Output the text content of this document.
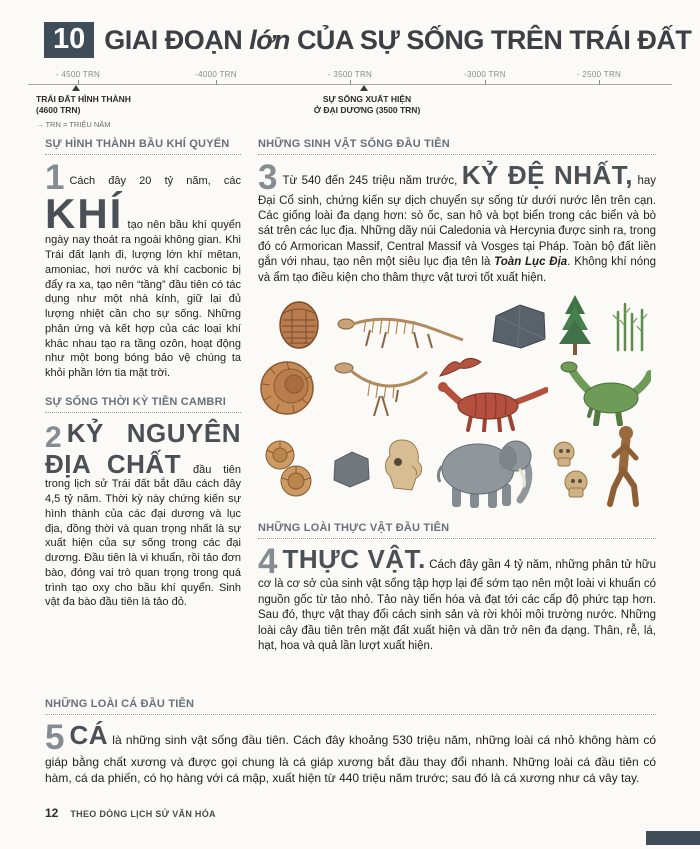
10 GIAI ĐOẠN lớn CỦA SỰ SỐNG TRÊN TRÁI ĐẤT
- 4500 TRN	-4000 TRN	- 3500 TRN	-3000 TRN	- 2500 TRN
TRÁI ĐẤT HÌNH THÀNH
(4600 TRN)
→ TRN = TRIỆU NĂM
SỰ SỐNG XUẤT HIỆN
Ở ĐẠI DƯƠNG (3500 TRN)
SỰ HÌNH THÀNH BẦU KHÍ QUYỂN

1 Cách đây 20 tỷ năm, các KHÍ tạo nên bầu khí quyển ngày nay thoát ra ngoài không gian. Khi Trái đất lạnh đi, lượng lớn khí mêtan, amoniac, hơi nước và khí cacbonic bị đẩy ra xa, tạo nên “tầng” đầu tiên có tác dụng như một nhà kính, giữ lại đủ lượng nhiệt cần cho sự sống. Những phản ứng và kết hợp của các loại khí khác nhau tạo ra tầng ozôn, hoạt động như một bong bóng bảo vệ chúng ta khỏi phần lớn tia mặt trời.

SỰ SỐNG THỜI KỲ TIỀN CAMBRI

2 KỶ NGUYÊN ĐỊA CHẤT đầu tiên trong lịch sử Trái đất bắt đầu cách đây 4,5 tỷ năm. Thời kỳ này chứng kiến sự hình thành của các đại dương và lục địa, đồng thời và quan trọng nhất là sự xuất hiện của sự sống trong các đại dương. Đầu tiên là vi khuẩn, rồi tảo đơn bào, đóng vai trò quan trọng trong quá trình tạo oxy cho bầu khí quyển. Sinh vật đa bào đầu tiên là tảo đỏ.

NHỮNG SINH VẬT SỐNG ĐẦU TIÊN

3 Từ 540 đến 245 triệu năm trước, KỶ ĐỆ NHẤT, hay Đại Cổ sinh, chứng kiến sự dịch chuyển sự sống từ dưới nước lên trên cạn. Các giống loài đa dạng hơn: sò ốc, san hô và bọt biển trong các biển và bò sát trên các lục địa. Những dãy núi Caledonia và Hercynia được sinh ra, trong đó có Armorican Massif, Central Massif và Vosges tại Pháp. Toàn bộ đất liền gắn với nhau, tạo nên một siêu lục địa tên là Toàn Lục Địa. Không khí nóng và ẩm tạo điều kiện cho thâm thực vật tươi tốt xuất hiện.

NHỮNG LOÀI THỰC VẬT ĐẦU TIÊN

4 THỰC VẬT. Cách đây gần 4 tỷ năm, những phân tử hữu cơ là cơ sở của sinh vật sống tập hợp lại để sớm tạo nên một loài vi khuẩn có nguồn gốc từ tảo nhỏ. Tảo này tiến hóa và đạt tới các cấp độ phức tạp hơn. Sau đó, thực vật thay đổi cách sinh sản và rời khỏi môi trường nước. Những loài cây đầu tiên trên mặt đất xuất hiện và dần trở nên đa dạng. Thân, rễ, lá, hạt, hoa và quả lần lượt xuất hiện.

NHỮNG LOÀI CÁ ĐẦU TIÊN

5 CÁ là những sinh vật sống đầu tiên. Cách đây khoảng 530 triệu năm, những loài cá nhỏ không hàm có giáp bằng chất xương và được gọi chung là cá giáp xương bắt đầu thay đổi nhanh. Những loài cá đầu tiên có hàm, cá da phiến, có họ hàng với cá mập, xuất hiện từ 440 triệu năm trước; sau đó là cá xương như cá vây tay.

12 THEO DÒNG LỊCH SỬ VĂN HÓA
